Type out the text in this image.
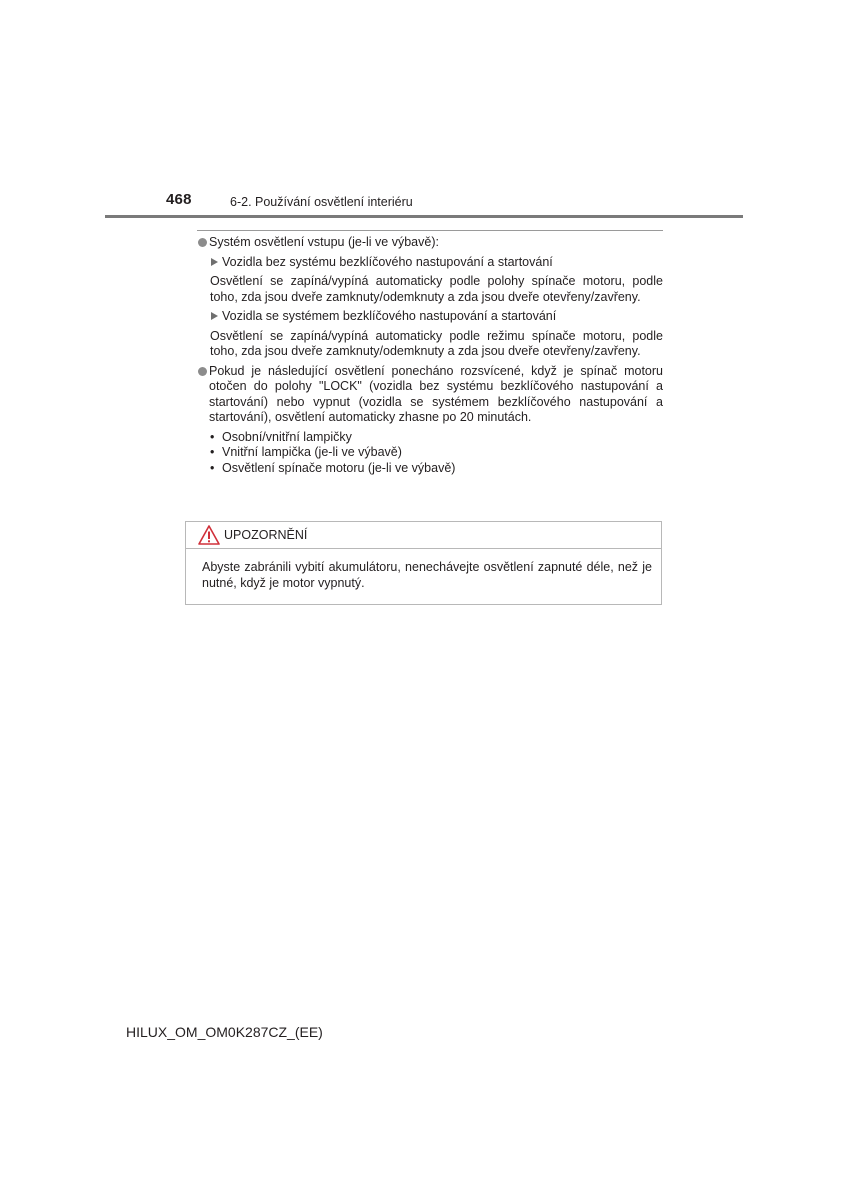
468	6-2. Používání osvětlení interiéru
Systém osvětlení vstupu (je-li ve výbavě):
Vozidla bez systému bezklíčového nastupování a startování
Osvětlení se zapíná/vypíná automaticky podle polohy spínače motoru, podle toho, zda jsou dveře zamknuty/odemknuty a zda jsou dveře otevřeny/zavřeny.
Vozidla se systémem bezklíčového nastupování a startování
Osvětlení se zapíná/vypíná automaticky podle režimu spínače motoru, podle toho, zda jsou dveře zamknuty/odemknuty a zda jsou dveře otevřeny/zavřeny.
Pokud je následující osvětlení ponecháno rozsvícené, když je spínač motoru otočen do polohy "LOCK" (vozidla bez systému bezklíčového nastupování a startování) nebo vypnut (vozidla se systémem bezklíčového nastupování a startování), osvětlení automaticky zhasne po 20 minutách.
• Osobní/vnitřní lampičky
• Vnitřní lampička (je-li ve výbavě)
• Osvětlení spínače motoru (je-li ve výbavě)
UPOZORNĚNÍ
Abyste zabránili vybití akumulátoru, nenechávejte osvětlení zapnuté déle, než je nutné, když je motor vypnutý.
HILUX_OM_OM0K287CZ_(EE)
